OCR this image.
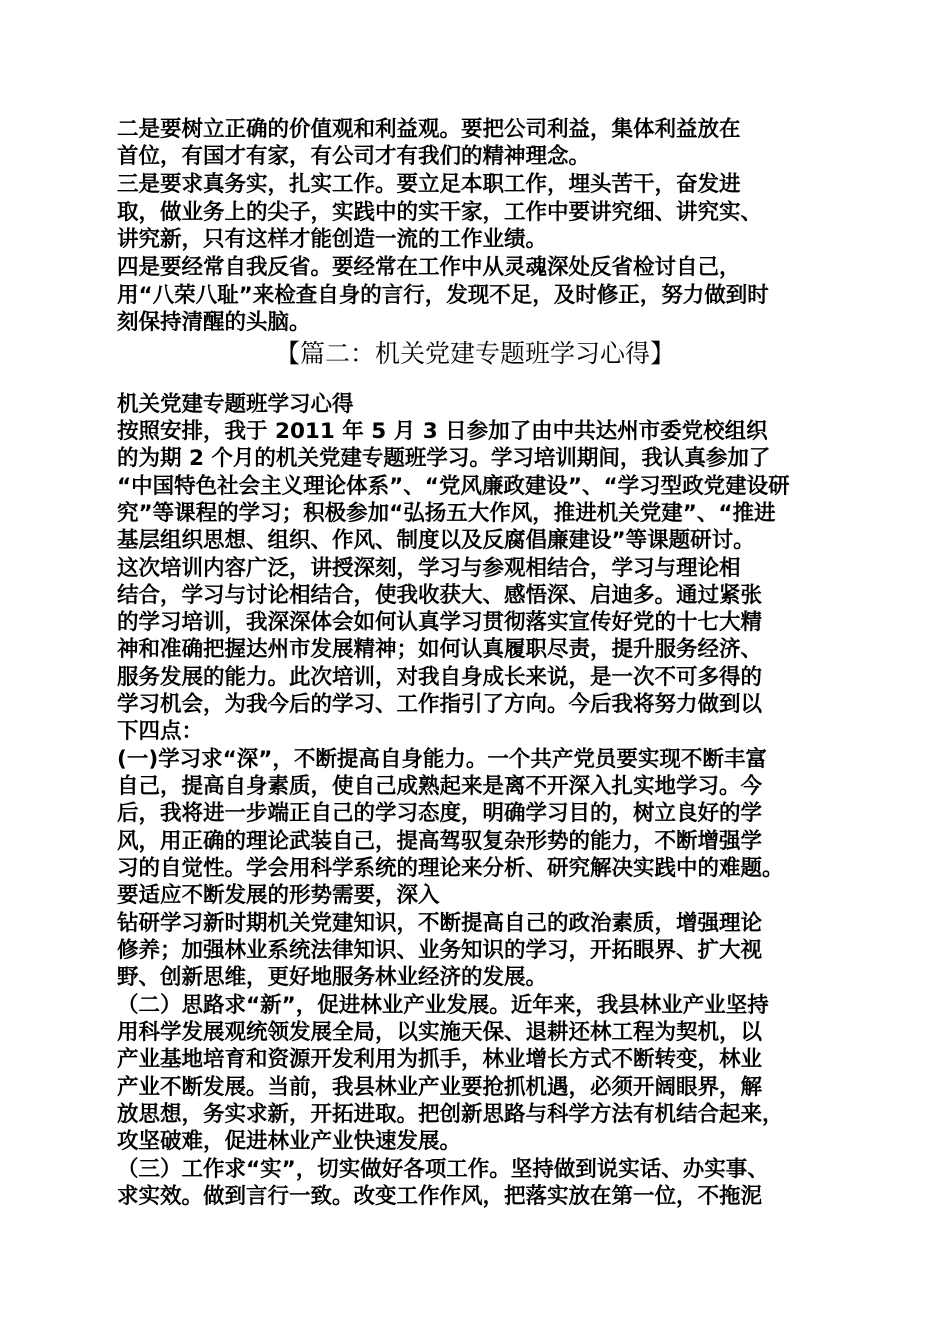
二是要树立正确的价值观和利益观。要把公司利益，集体利益放在

首位，有国才有家，有公司才有我们的精神理念。

三是要求真务实，扎实工作。要立足本职工作，埋头苦干，奋发进

取，做业务上的尖子，实践中的实干家，工作中要讲究细、讲究实、

讲究新，只有这样才能创造一流的工作业绩。

四是要经常自我反省。要经常在工作中从灵魂深处反省检讨自己，

用“八荣八耻”来检查自身的言行，发现不足，及时修正，努力做到时

刻保持清醒的头脑。

【篇二：机关党建专题班学习心得】

机关党建专题班学习心得

按照安排，我于 2011 年 5 月 3 日参加了由中共达州市委党校组织

的为期 2 个月的机关党建专题班学习。学习培训期间，我认真参加了

“中国特色社会主义理论体系”、“党风廉政建设”、“学习型政党建设研

究”等课程的学习；积极参加“弘扬五大作风，推进机关党建”、“推进

基层组织思想、组织、作风、制度以及反腐倡廉建设”等课题研讨。

这次培训内容广泛，讲授深刻，学习与参观相结合，学习与理论相

结合，学习与讨论相结合，使我收获大、感悟深、启迪多。通过紧张

的学习培训，我深深体会如何认真学习贯彻落实宣传好党的十七大精

神和准确把握达州市发展精神；如何认真履职尽责，提升服务经济、

服务发展的能力。此次培训，对我自身成长来说，是一次不可多得的

学习机会，为我今后的学习、工作指引了方向。今后我将努力做到以

下四点：

(一)学习求“深”，不断提高自身能力。一个共产党员要实现不断丰富

自己，提高自身素质，使自己成熟起来是离不开深入扎实地学习。今

后，我将进一步端正自己的学习态度，明确学习目的，树立良好的学

风，用正确的理论武装自己，提高驾驭复杂形势的能力，不断增强学

习的自觉性。学会用科学系统的理论来分析、研究解决实践中的难题。

要适应不断发展的形势需要，深入

钻研学习新时期机关党建知识，不断提高自己的政治素质，增强理论

修养；加强林业系统法律知识、业务知识的学习，开拓眼界、扩大视

野、创新思维，更好地服务林业经济的发展。

（二）思路求“新”，促进林业产业发展。近年来，我县林业产业坚持

用科学发展观统领发展全局，以实施天保、退耕还林工程为契机，以

产业基地培育和资源开发利用为抓手，林业增长方式不断转变，林业

产业不断发展。当前，我县林业产业要抢抓机遇，必须开阔眼界，解

放思想，务实求新，开拓进取。把创新思路与科学方法有机结合起来，

攻坚破难，促进林业产业快速发展。

（三）工作求“实”，切实做好各项工作。坚持做到说实话、办实事、

求实效。做到言行一致。改变工作作风，把落实放在第一位，不拖泥
